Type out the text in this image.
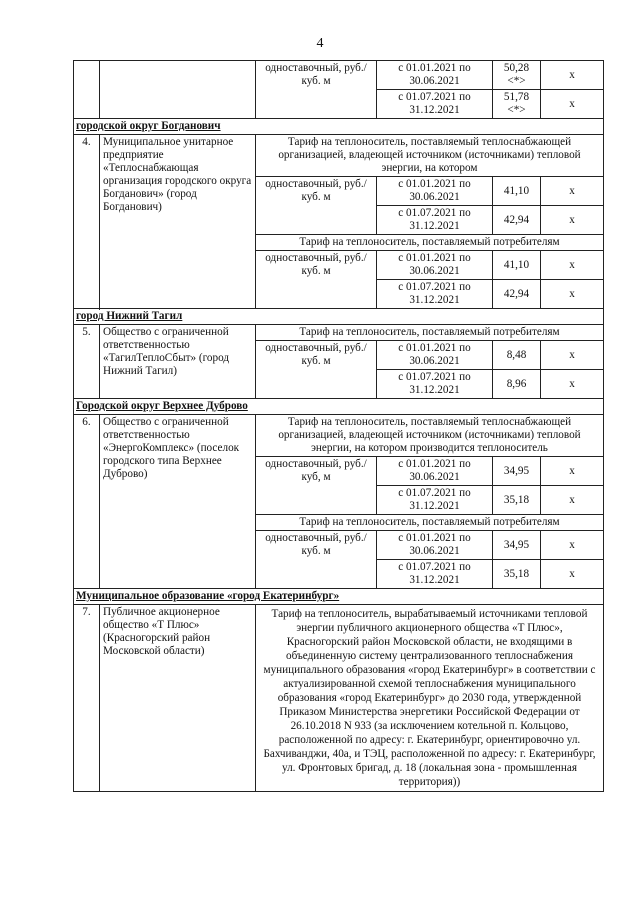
4
		одноставочный, руб./куб. м	с 01.01.2021 по 30.06.2021	50,28 <*>	х
			с 01.07.2021 по 31.12.2021	51,78 <*>	х
городской округ Богданович					
4.	Муниципальное унитарное предприятие «Теплоснабжающая организация городского округа Богданович» (город Богданович)	Тариф на теплоноситель, поставляемый теплоснабжающей организацией, владеющей источником (источниками) тепловой энергии, на котором			
		одноставочный, руб./куб. м	с 01.01.2021 по 30.06.2021	41,10	х
			с 01.07.2021 по 31.12.2021	42,94	х
		Тариф на теплоноситель, поставляемый потребителям			
		одноставочный, руб./куб. м	с 01.01.2021 по 30.06.2021	41,10	х
			с 01.07.2021 по 31.12.2021	42,94	х

город Нижний Тагил					
5.	Общество с ограниченной ответственностью «ТагилТеплоСбыт» (город Нижний Тагил)	Тариф на теплоноситель, поставляемый потребителям			
		одноставочный, руб./куб. м	с 01.01.2021 по 30.06.2021	8,48	х
			с 01.07.2021 по 31.12.2021	8,96	х
Городской округ Верхнее Дуброво					
6.	Общество с ограниченной ответственностью «ЭнергоКомплекс» (поселок городского типа Верхнее Дуброво)	Тариф на теплоноситель, поставляемый теплоснабжающей организацией, владеющей источником (источниками) тепловой энергии, на котором производится теплоноситель			
		одноставочный, руб./куб, м	с 01.01.2021 по 30.06.2021	34,95	х
			с 01.07.2021 по 31.12.2021	35,18	х
		Тариф на теплоноситель, поставляемый потребителям			
		одноставочный, руб./куб. м	с 01.01.2021 по 30.06.2021	34,95	х
			с 01.07.2021 по 31.12.2021	35,18	х
Муниципальное образование «город Екатеринбург»					
7.	Публичное акционерное общество «Т Плюс» (Красногорский район Московской области)	Тариф на теплоноситель, вырабатываемый источниками тепловой энергии публичного акционерного общества «Т Плюс», Красногорский район Московской области, не входящими в объединенную систему централизованного теплоснабжения муниципального образования «город Екатеринбург» в соответствии с актуализированной схемой теплоснабжения муниципального образования «город Екатеринбург» до 2030 года, утвержденной Приказом Министерства энергетики Российской Федерации от 26.10.2018 N 933 (за исключением котельной п. Кольцово, расположенной по адресу: г. Екатеринбург, ориентировочно ул. Бахчиванджи, 40а, и ТЭЦ, расположенной по адресу: г. Екатеринбург, ул. Фронтовых бригад, д. 18 (локальная зона - промышленная территория))			
